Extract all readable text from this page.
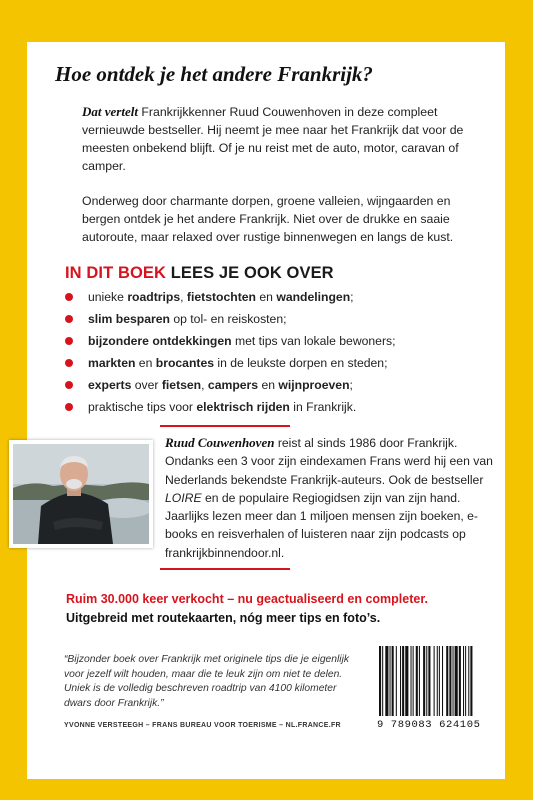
Hoe ontdek je het andere Frankrijk?
Dat vertelt Frankrijkkenner Ruud Couwenhoven in deze compleet vernieuwde bestseller. Hij neemt je mee naar het Frankrijk dat voor de meesten onbekend blijft. Of je nu reist met de auto, motor, caravan of camper.
Onderweg door charmante dorpen, groene valleien, wijngaarden en bergen ontdek je het andere Frankrijk. Niet over de drukke en saaie autoroute, maar relaxed over rustige binnenwegen en langs de kust.
IN DIT BOEK LEES JE OOK OVER
unieke roadtrips, fietstochten en wandelingen;
slim besparen op tol- en reiskosten;
bijzondere ontdekkingen met tips van lokale bewoners;
markten en brocantes in de leukste dorpen en steden;
experts over fietsen, campers en wijnproeven;
praktische tips voor elektrisch rijden in Frankrijk.
Ruud Couwenhoven reist al sinds 1986 door Frankrijk. Ondanks een 3 voor zijn eindexamen Frans werd hij een van Nederlands bekendste Frankrijk-auteurs. Ook de bestseller LOIRE en de populaire Regiogidsen zijn van zijn hand. Jaarlijks lezen meer dan 1 miljoen mensen zijn boeken, e-books en reisverhalen of luisteren naar zijn podcasts op frankrijkbinnendoor.nl.
Ruim 30.000 keer verkocht – nu geactualiseerd en completer.
Uitgebreid met routekaarten, nóg meer tips en foto’s.
“Bijzonder boek over Frankrijk met originele tips die je eigenlijk voor jezelf wilt houden, maar die te leuk zijn om niet te delen. Uniek is de volledig beschreven roadtrip van 4100 kilometer dwars door Frankrijk.”
YVONNE VERSTEEGH – FRANS BUREAU VOOR TOERISME – NL.FRANCE.FR	9 789083 624105
